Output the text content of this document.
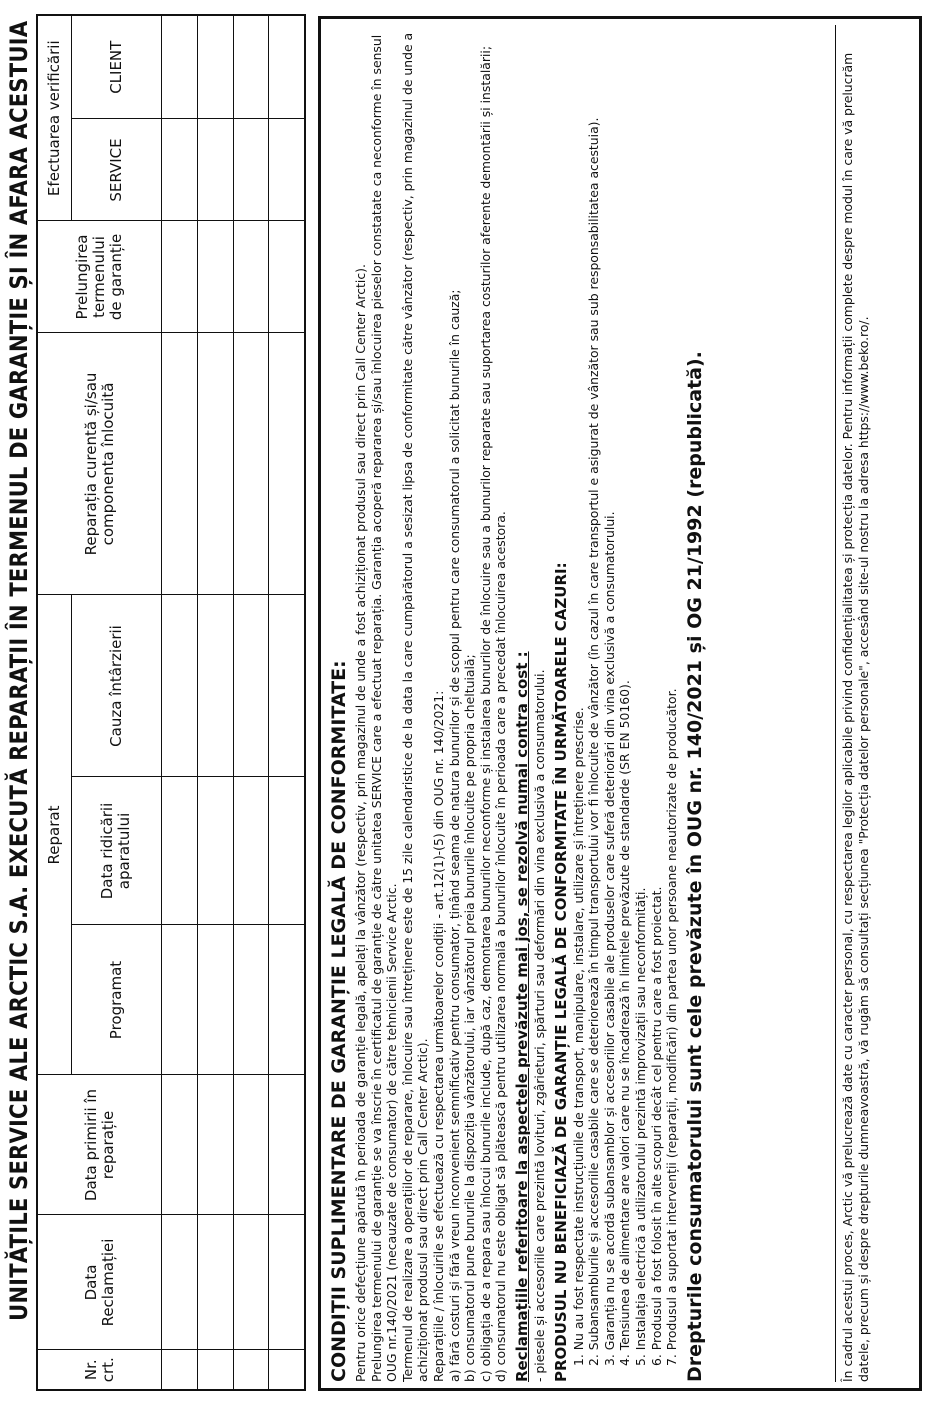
UNITĂȚILE SERVICE ALE ARCTIC S.A. EXECUTĂ REPARAȚII ÎN TERMENUL DE GARANȚIE ȘI ÎN AFARA ACESTUIA
Nr. crt.	Data Reclamației	Data primirii în reparație	Reparat			Reparația curentă și/sau componenta înlocuită	Prelungirea termenului de garanție	Efectuarea verificării	
			Programat	Data ridicării aparatului	Cauza întârzierii			SERVICE	CLIENT

CONDIȚII SUPLIMENTARE DE GARANȚIE LEGALĂ DE CONFORMITATE: Pentru orice defecțiune apărută în perioada de garanție legală, apelați la vânzător (respectiv, prin magazinul de unde a fost achiziționat produsul sau direct prin Call Center Arctic). Prelungirea termenului de garanție se va înscrie în certificatul de garanție de către unitatea SERVICE care a efectuat reparația. Garanția acoperă repararea și/sau înlocuirea pieselor constatate ca neconforme în sensul OUG nr.140/2021 (necauzate de consumator) de către tehnicienii Service Arctic. Termenul de realizare a operațiilor de reparare, înlocuire sau întreținere este de 15 zile calendaristice de la data la care cumpărătorul a sesizat lipsa de conformitate către vânzător (respectiv, prin magazinul de unde a achiziționat produsul sau direct prin Call Center Arctic). Reparațiile / înlocuirile se efectuează cu respectarea următoarelor condiții - art.12(1)-(5) din OUG nr. 140/2021: a) fără costuri și fără vreun inconvenient semnificativ pentru consumator, ținând seama de natura bunurilor și de scopul pentru care consumatorul a solicitat bunurile în cauză; b) consumatorul pune bunurile la dispoziția vânzătorului, iar vânzătorul preia bunurile înlocuite pe propria cheltuială; c) obligația de a repara sau înlocui bunurile include, după caz, demontarea bunurilor neconforme și instalarea bunurilor de înlocuire sau a bunurilor reparate sau suportarea costurilor aferente demontării și instalării; d) consumatorul nu este obligat să plătească pentru utilizarea normală a bunurilor înlocuite în perioada care a precedat înlocuirea acestora. Reclamațiile referitoare la aspectele prevăzute mai jos, se rezolvă numai contra cost : - piesele și accesoriile care prezintă lovituri, zgârieturi, spărturi sau deformări din vina exclusivă a consumatorului. PRODUSUL NU BENEFICIAZĂ DE GARANȚIE LEGALĂ DE CONFORMITATE ÎN URMĂTOARELE CAZURI: 1. Nu au fost respectate instrucțiunile de transport, manipulare, instalare, utilizare și întreținere prescrise. 2. Subansamblurile și accesoriile casabile care se deteriorează în timpul transportului vor fi înlocuite de vânzător (în cazul în care transportul e asigurat de vânzător sau sub responsabilitatea acestuia). 3. Garanția nu se acordă subansamblor și accesoriilor casabile ale produselor care suferă deteriorări din vina exclusivă a consumatorului. 4. Tensiunea de alimentare are valori care nu se încadrează în limitele prevăzute de standarde (SR EN 50160). 5. Instalația electrică a utilizatorului prezintă improvizații sau neconformități. 6. Produsul a fost folosit în alte scopuri decât cel pentru care a fost proiectat. 7. Produsul a suportat intervenții (reparații, modificări) din partea unor persoane neautorizate de producător. Drepturile consumatorului sunt cele prevăzute în OUG nr. 140/2021 și OG 21/1992 (republicată).	În cadrul acestui proces, Arctic vă prelucrează date cu caracter personal, cu respectarea legilor aplicabile privind confidențialitatea și protecția datelor. Pentru informații complete despre modul în care vă prelucrăm datele, precum și despre drepturile dumneavoastră, vă rugăm să consultați secțiunea "Protecția datelor personale", accesând site-ul nostru la adresa https://www.beko.ro/.
